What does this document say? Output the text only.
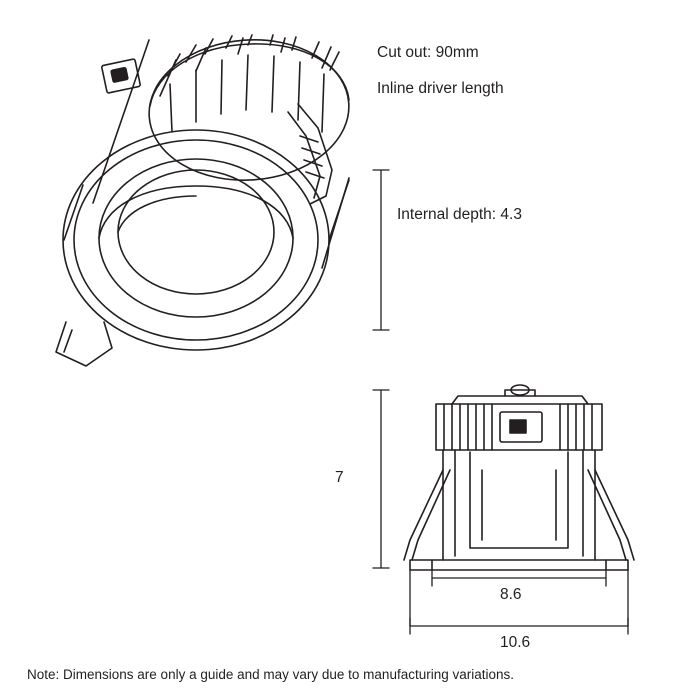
Cut out: 90mm
Inline driver length
Internal depth: 4.3
7
8.6
10.6
Note: Dimensions are only a guide and may vary due to manufacturing variations.
